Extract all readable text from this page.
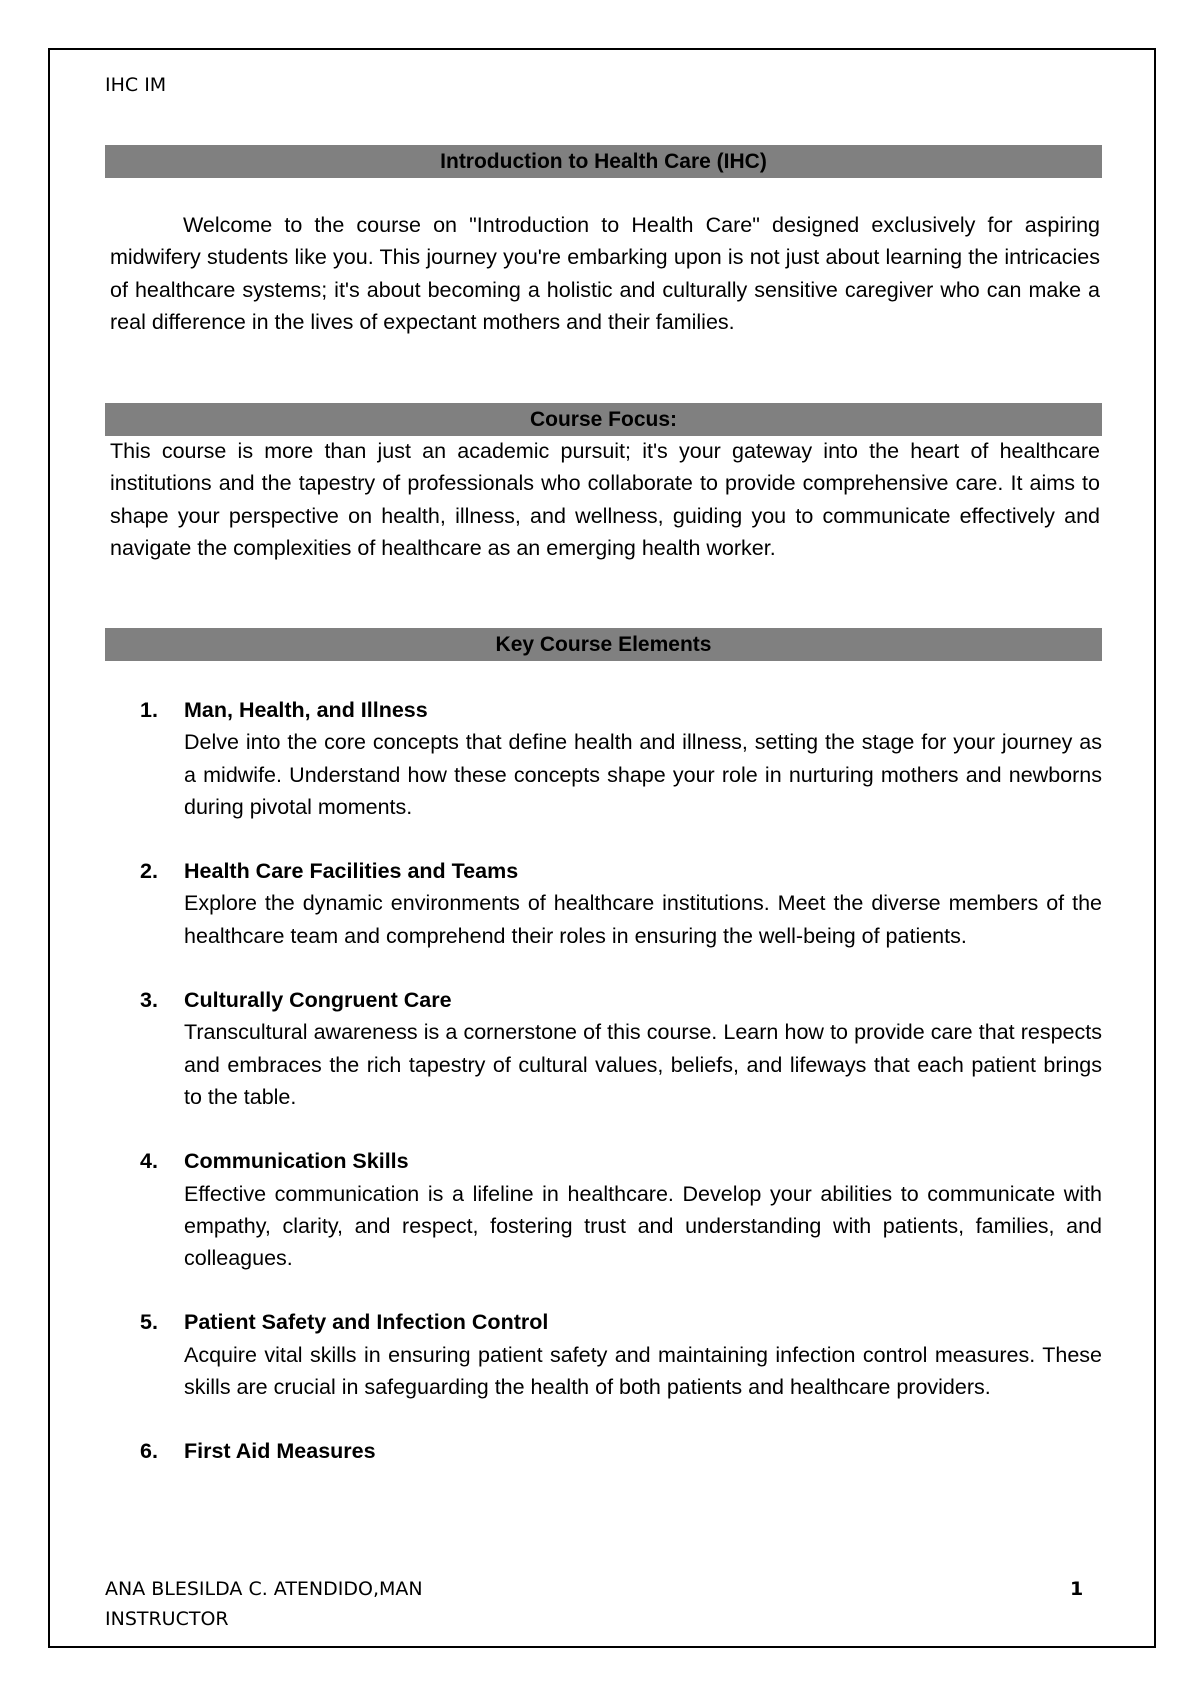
IHC IM
Introduction to Health Care (IHC)
Welcome to the course on "Introduction to Health Care" designed exclusively for aspiring midwifery students like you. This journey you're embarking upon is not just about learning the intricacies of healthcare systems; it's about becoming a holistic and culturally sensitive caregiver who can make a real difference in the lives of expectant mothers and their families.
Course Focus:
This course is more than just an academic pursuit; it's your gateway into the heart of healthcare institutions and the tapestry of professionals who collaborate to provide comprehensive care. It aims to shape your perspective on health, illness, and wellness, guiding you to communicate effectively and navigate the complexities of healthcare as an emerging health worker.
Key Course Elements
1. Man, Health, and Illness
Delve into the core concepts that define health and illness, setting the stage for your journey as a midwife. Understand how these concepts shape your role in nurturing mothers and newborns during pivotal moments.
2. Health Care Facilities and Teams
Explore the dynamic environments of healthcare institutions. Meet the diverse members of the healthcare team and comprehend their roles in ensuring the well-being of patients.
3. Culturally Congruent Care
Transcultural awareness is a cornerstone of this course. Learn how to provide care that respects and embraces the rich tapestry of cultural values, beliefs, and lifeways that each patient brings to the table.
4. Communication Skills
Effective communication is a lifeline in healthcare. Develop your abilities to communicate with empathy, clarity, and respect, fostering trust and understanding with patients, families, and colleagues.
5. Patient Safety and Infection Control
Acquire vital skills in ensuring patient safety and maintaining infection control measures. These skills are crucial in safeguarding the health of both patients and healthcare providers.
6. First Aid Measures
ANA BLESILDA C. ATENDIDO,MAN
INSTRUCTOR
1
